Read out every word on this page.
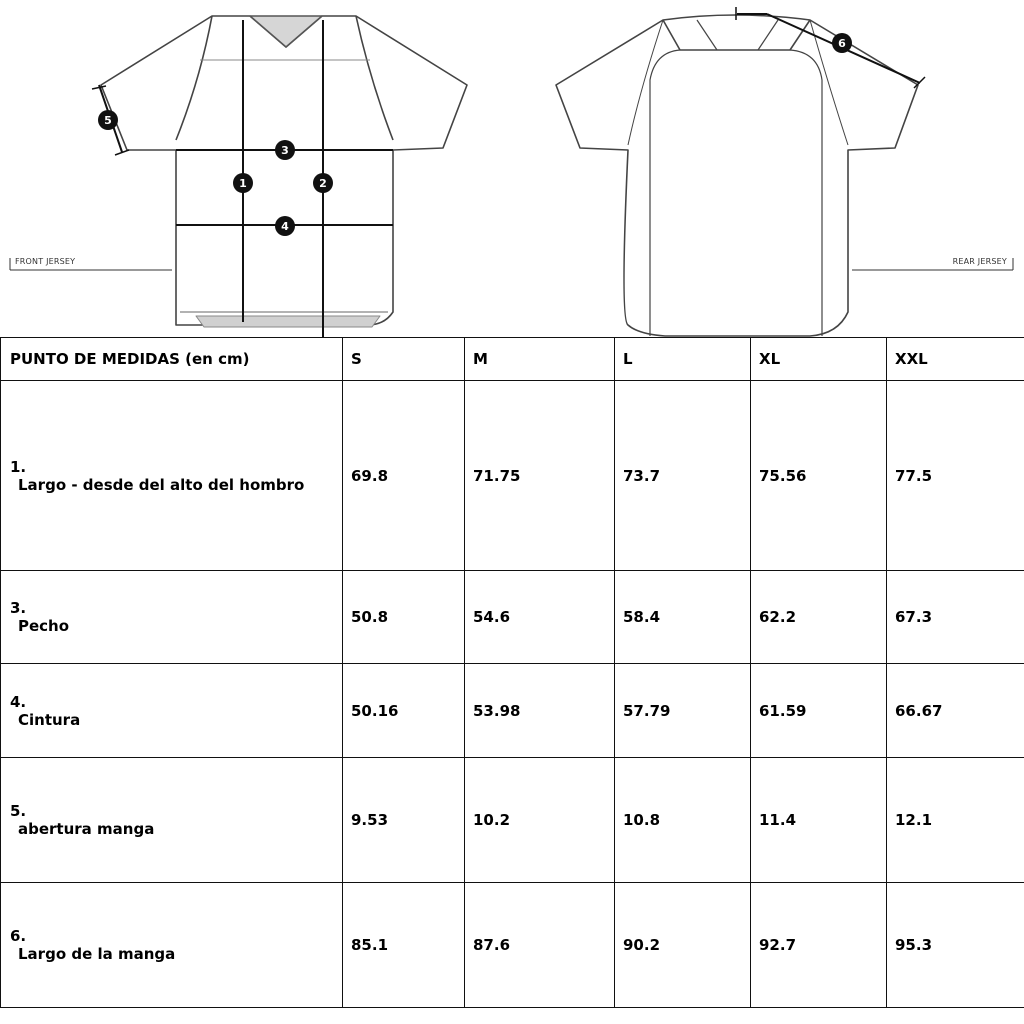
1	2
3
4
5
FRONT JERSEY
6
REAR JERSEY
PUNTO DE MEDIDAS (en cm)	S	M	L	XL	XXL

1.
Largo - desde del alto del hombro	69.8	71.75	73.7	75.56	77.5

3.
Pecho	50.8	54.6	58.4	62.2	67.3

4.
Cintura	50.16	53.98	57.79	61.59	66.67

5.
abertura manga	9.53	10.2	10.8	11.4	12.1

6.
Largo de la manga	85.1	87.6	90.2	92.7	95.3
